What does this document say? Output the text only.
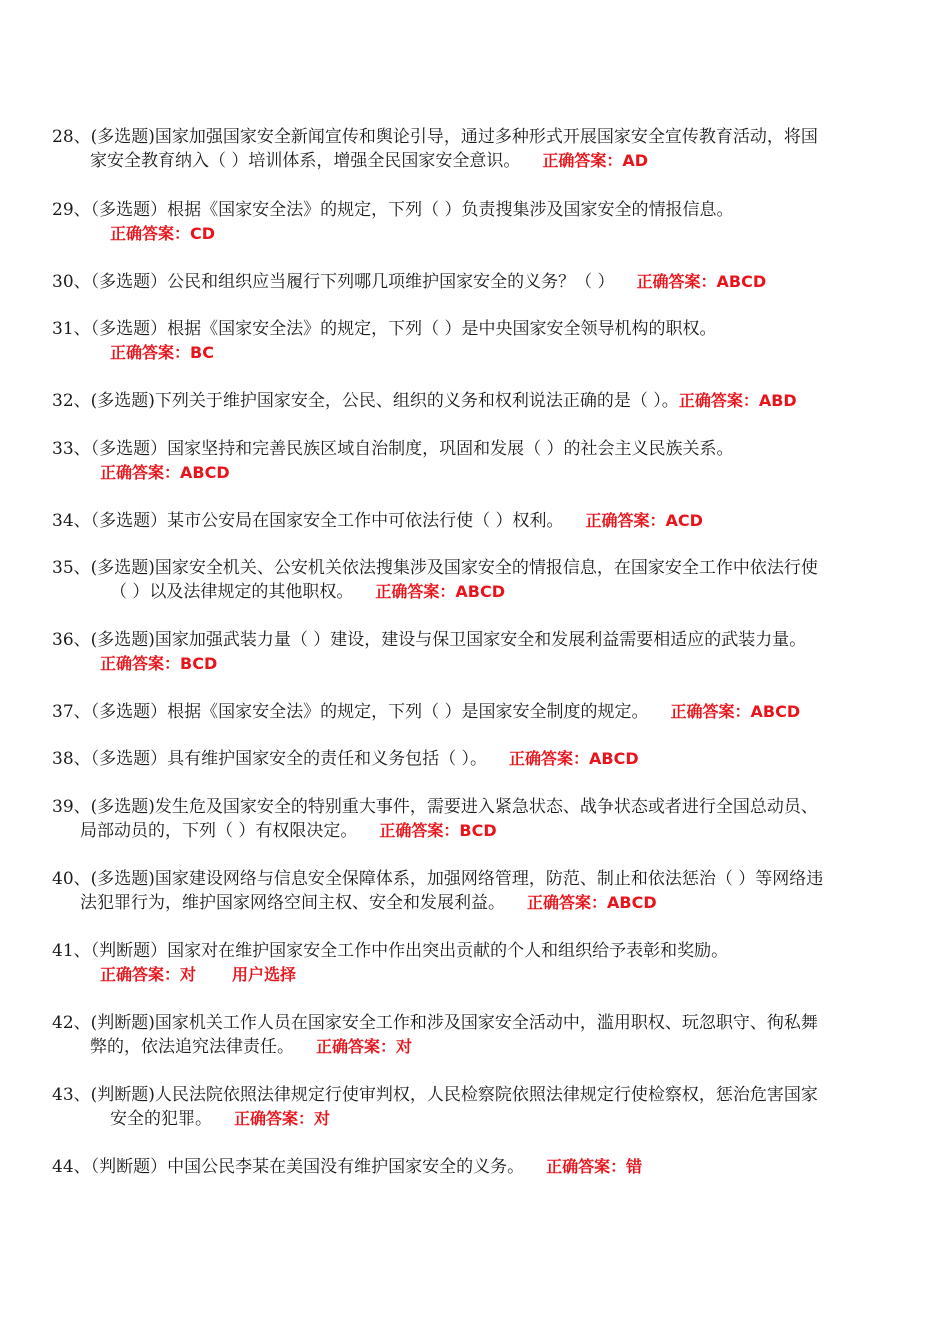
28、(多选题)国家加强国家安全新闻宣传和舆论引导，通过多种形式开展国家安全宣传教育活动，将国
家安全教育纳入（ ）培训体系，增强全民国家安全意识。 正确答案：AD
29、（多选题）根据《国家安全法》的规定，下列（ ）负责搜集涉及国家安全的情报信息。
正确答案：CD
30、（多选题）公民和组织应当履行下列哪几项维护国家安全的义务？（ ） 正确答案：ABCD
31、（多选题）根据《国家安全法》的规定，下列（ ）是中央国家安全领导机构的职权。
正确答案：BC
32、(多选题)下列关于维护国家安全，公民、组织的义务和权利说法正确的是（ ）。正确答案：ABD
33、（多选题）国家坚持和完善民族区域自治制度，巩固和发展（ ）的社会主义民族关系。
正确答案：ABCD
34、（多选题）某市公安局在国家安全工作中可依法行使（ ）权利。 正确答案：ACD
35、(多选题)国家安全机关、公安机关依法搜集涉及国家安全的情报信息，在国家安全工作中依法行使
（ ）以及法律规定的其他职权。 正确答案：ABCD
36、(多选题)国家加强武装力量（ ）建设，建设与保卫国家安全和发展利益需要相适应的武装力量。
正确答案：BCD
37、（多选题）根据《国家安全法》的规定，下列（ ）是国家安全制度的规定。 正确答案：ABCD
38、（多选题）具有维护国家安全的责任和义务包括（ ）。 正确答案：ABCD
39、(多选题)发生危及国家安全的特别重大事件，需要进入紧急状态、战争状态或者进行全国总动员、
局部动员的，下列（ ）有权限决定。 正确答案：BCD
40、(多选题)国家建设网络与信息安全保障体系，加强网络管理，防范、制止和依法惩治（ ）等网络违
法犯罪行为，维护国家网络空间主权、安全和发展利益。 正确答案：ABCD
41、（判断题）国家对在维护国家安全工作中作出突出贡献的个人和组织给予表彰和奖励。
正确答案：对 用户选择
42、(判断题)国家机关工作人员在国家安全工作和涉及国家安全活动中，滥用职权、玩忽职守、徇私舞
弊的，依法追究法律责任。 正确答案：对
43、(判断题)人民法院依照法律规定行使审判权，人民检察院依照法律规定行使检察权，惩治危害国家
安全的犯罪。 正确答案：对
44、（判断题）中国公民李某在美国没有维护国家安全的义务。 正确答案：错
